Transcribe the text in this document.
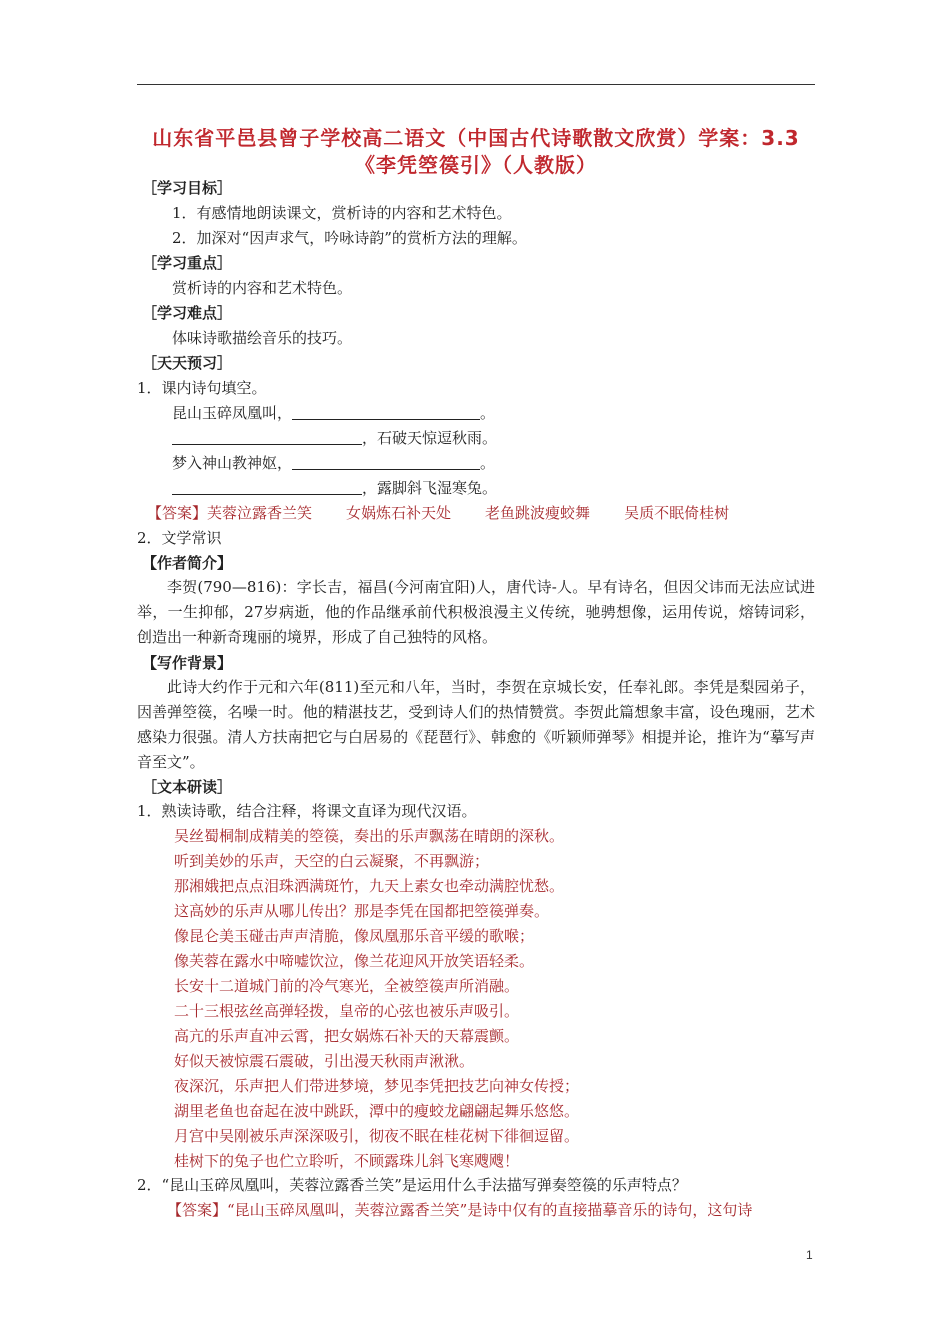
山东省平邑县曾子学校高二语文（中国古代诗歌散文欣赏）学案：3.3
《李凭箜篌引》（人教版）
［学习目标］
1．有感情地朗读课文，赏析诗的内容和艺术特色。
2．加深对“因声求气，吟咏诗韵”的赏析方法的理解。
［学习重点］
赏析诗的内容和艺术特色。
［学习难点］
体味诗歌描绘音乐的技巧。
［天天预习］
1．课内诗句填空。
昆山玉碎凤凰叫，	。
，石破天惊逗秋雨。
梦入神山教神妪，	。
，露脚斜飞湿寒兔。
【答案】芙蓉泣露香兰笑 女娲炼石补天处 老鱼跳波瘦蛟舞 吴质不眠倚桂树
2．文学常识
【作者简介】
李贺(790—816)：字长吉，福昌(今河南宜阳)人，唐代诗-人。早有诗名，但因父讳而无法应试进举，一生抑郁，27岁病逝，他的作品继承前代积极浪漫主义传统，驰骋想像，运用传说，熔铸词彩，创造出一种新奇瑰丽的境界，形成了自己独特的风格。
【写作背景】
此诗大约作于元和六年(811)至元和八年，当时，李贺在京城长安，任奉礼郎。李凭是梨园弟子，因善弹箜篌，名噪一时。他的精湛技艺，受到诗人们的热情赞赏。李贺此篇想象丰富，设色瑰丽，艺术感染力很强。清人方扶南把它与白居易的《琵琶行》、韩愈的《听颖师弹琴》相提并论，推许为“摹写声音至文”。
［文本研读］
1．熟读诗歌，结合注释，将课文直译为现代汉语。
吴丝蜀桐制成精美的箜篌，奏出的乐声飘荡在晴朗的深秋。
听到美妙的乐声，天空的白云凝聚，不再飘游；
那湘娥把点点泪珠洒满斑竹，九天上素女也牵动满腔忧愁。
这高妙的乐声从哪儿传出？那是李凭在国都把箜篌弹奏。
像昆仑美玉碰击声声清脆，像凤凰那乐音平缓的歌喉；
像芙蓉在露水中啼嘘饮泣，像兰花迎风开放笑语轻柔。
长安十二道城门前的冷气寒光，全被箜篌声所消融。
二十三根弦丝高弹轻拨，皇帝的心弦也被乐声吸引。
高亢的乐声直冲云霄，把女娲炼石补天的天幕震颤。
好似天被惊震石震破，引出漫天秋雨声湫湫。
夜深沉，乐声把人们带进梦境，梦见李凭把技艺向神女传授；
湖里老鱼也奋起在波中跳跃，潭中的瘦蛟龙翩翩起舞乐悠悠。
月宫中吴刚被乐声深深吸引，彻夜不眠在桂花树下徘徊逗留。
桂树下的兔子也伫立聆听，不顾露珠儿斜飞寒飕飕！
2．“昆山玉碎凤凰叫，芙蓉泣露香兰笑”是运用什么手法描写弹奏箜篌的乐声特点？
【答案】“昆山玉碎凤凰叫，芙蓉泣露香兰笑”是诗中仅有的直接描摹音乐的诗句，这句诗
1
